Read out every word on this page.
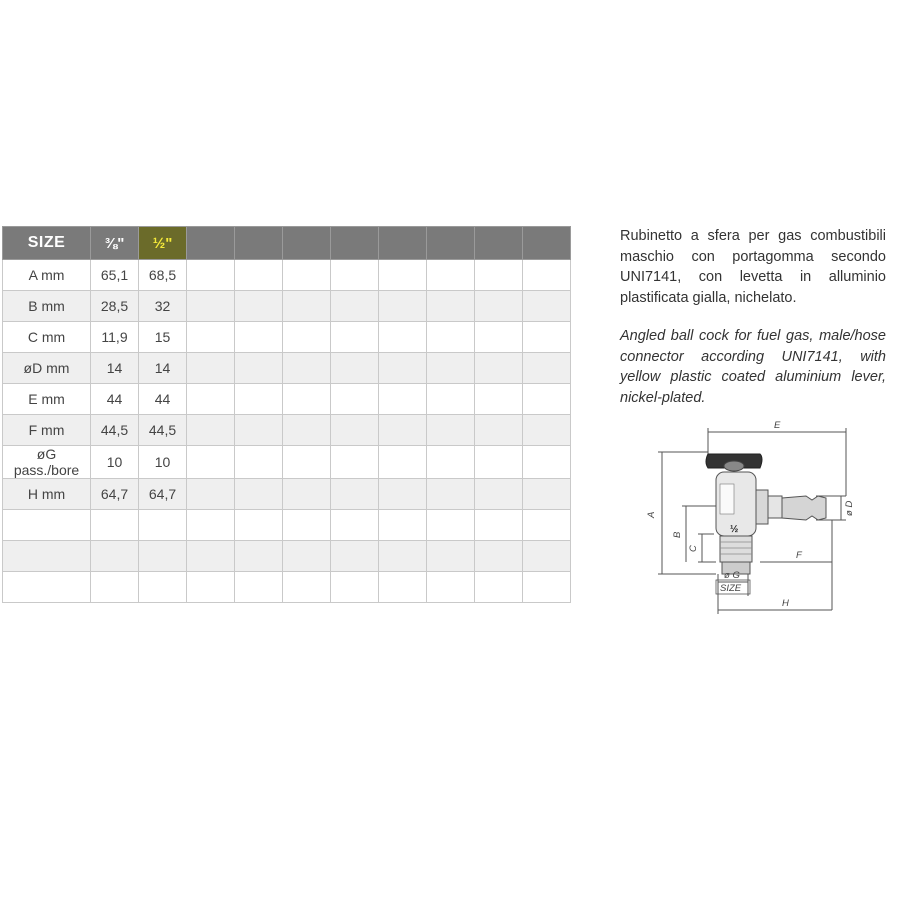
SIZE	⅜"	½"								
A mm	65,1	68,5								
B mm	28,5	32								
C mm	11,9	15								
øD mm	14	14								
E mm	44	44								
F mm	44,5	44,5								
øG pass./bore	10	10								
H mm	64,7	64,7								

Rubinetto a sfera per gas combustibili maschio con portagomma secondo UNI7141, con levetta in alluminio plastificata gialla, nichelato.
Angled ball cock for fuel gas, male/hose connector according UNI7141, with yellow plastic coated aluminium lever, nickel-plated.
E
A
B
C
ø D
F
H
ø G
SIZE
½
